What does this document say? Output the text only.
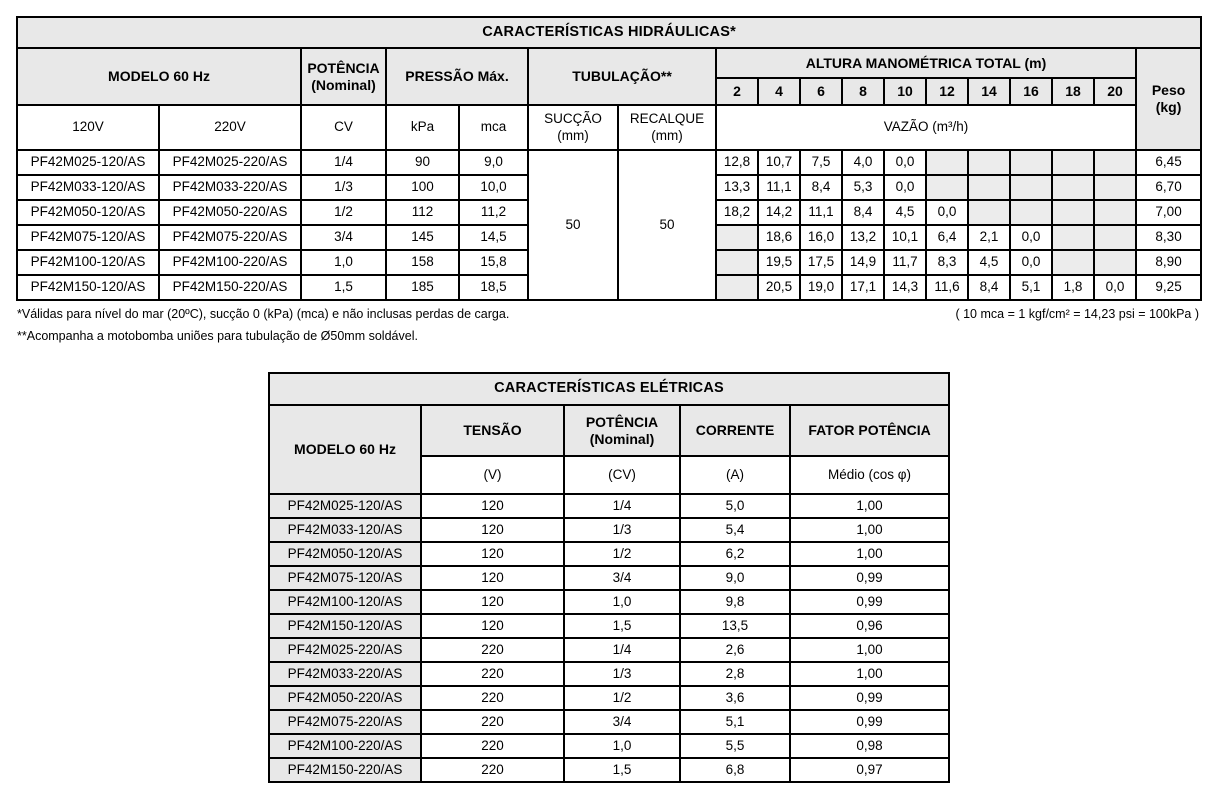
CARACTERÍSTICAS HIDRÁULICAS*																	
MODELO 60 Hz	
POTÊNCIA
(Nominal)
	PRESSÃO Máx.	TUBULAÇÃO**	ALTURA MANOMÉTRICA TOTAL (m)	
Peso
(kg)

							2	4	6	8	10	12	14	16	18	20	
120V	220V	CV	kPa	mca	
SUCÇÃO
(mm)

RECALQUE
(mm)
	VAZÃO (m³/h)
PF42M025-120/AS	PF42M025-220/AS	1/4	90	9,0	50	50	12,8	10,7	7,5	4,0	0,0						6,45
PF42M033-120/AS	PF42M033-220/AS	1/3	100	10,0			13,3	11,1	8,4	5,3	0,0						6,70
PF42M050-120/AS	PF42M050-220/AS	1/2	112	11,2			18,2	14,2	11,1	8,4	4,5	0,0					7,00
PF42M075-120/AS	PF42M075-220/AS	3/4	145	14,5				18,6	16,0	13,2	10,1	6,4	2,1	0,0			8,30
PF42M100-120/AS	PF42M100-220/AS	1,0	158	15,8				19,5	17,5	14,9	11,7	8,3	4,5	0,0			8,90
PF42M150-120/AS	PF42M150-220/AS	1,5	185	18,5				20,5	19,0	17,1	14,3	11,6	8,4	5,1	1,8	0,0	9,25
*Válidas para nível do mar (20ºC), sucção 0 (kPa) (mca) e não inclusas perdas de carga.
**Acompanha a motobomba uniões para tubulação de Ø50mm soldável.
( 10 mca = 1 kgf/cm² = 14,23 psi = 100kPa )
CARACTERÍSTICAS ELÉTRICAS				
MODELO 60 Hz	TENSÃO	POTÊNCIA
(Nominal)	CORRENTE	FATOR POTÊNCIA
	(V)	(CV)	(A)	Médio (cos φ)
PF42M025-120/AS	120	1/4	5,0	1,00
PF42M033-120/AS	120	1/3	5,4	1,00
PF42M050-120/AS	120	1/2	6,2	1,00
PF42M075-120/AS	120	3/4	9,0	0,99
PF42M100-120/AS	120	1,0	9,8	0,99
PF42M150-120/AS	120	1,5	13,5	0,96
PF42M025-220/AS	220	1/4	2,6	1,00
PF42M033-220/AS	220	1/3	2,8	1,00
PF42M050-220/AS	220	1/2	3,6	0,99
PF42M075-220/AS	220	3/4	5,1	0,99
PF42M100-220/AS	220	1,0	5,5	0,98
PF42M150-220/AS	220	1,5	6,8	0,97
